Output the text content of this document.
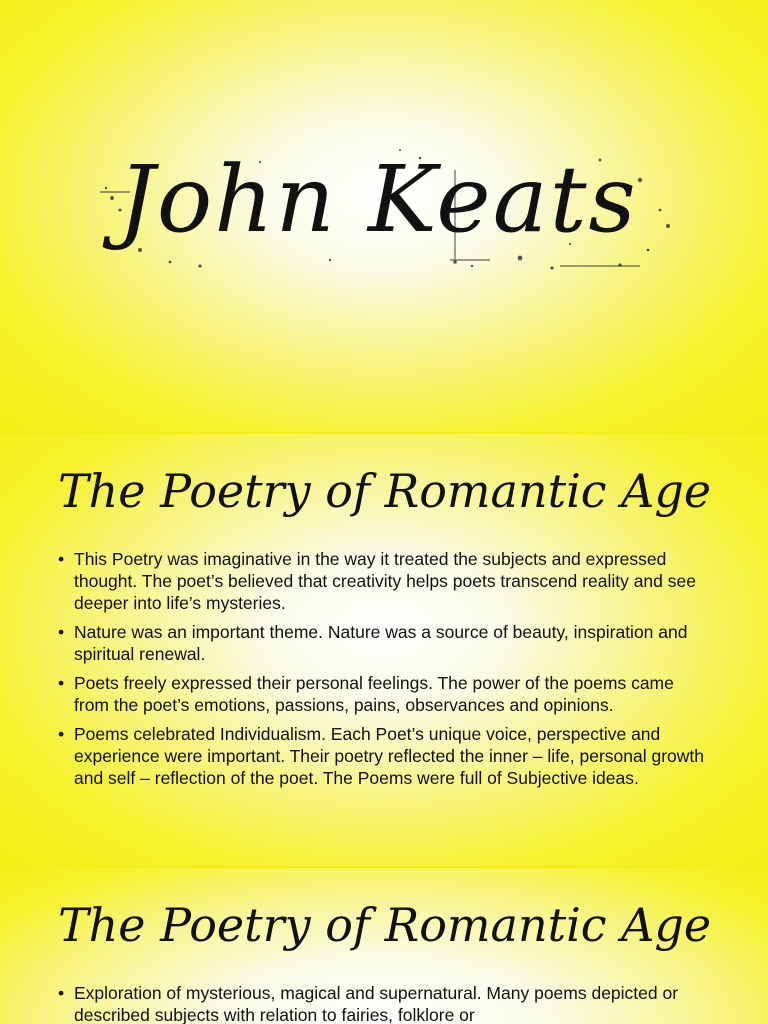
John Keats
The Poetry of Romantic Age
• This Poetry was imaginative in the way it treated the subjects and expressed thought. The poet’s believed that creativity helps poets transcend reality and see deeper into life’s mysteries.
• Nature was an important theme. Nature was a source of beauty, inspiration and spiritual renewal.
• Poets freely expressed their personal feelings. The power of the poems came from the poet’s emotions, passions, pains, observances and opinions.
• Poems celebrated Individualism. Each Poet’s unique voice, perspective and experience were important. Their poetry reflected the inner – life, personal growth and self – reflection of the poet. The Poems were full of Subjective ideas.
The Poetry of Romantic Age
• Exploration of mysterious, magical and supernatural. Many poems depicted or described subjects with relation to fairies, folklore or
